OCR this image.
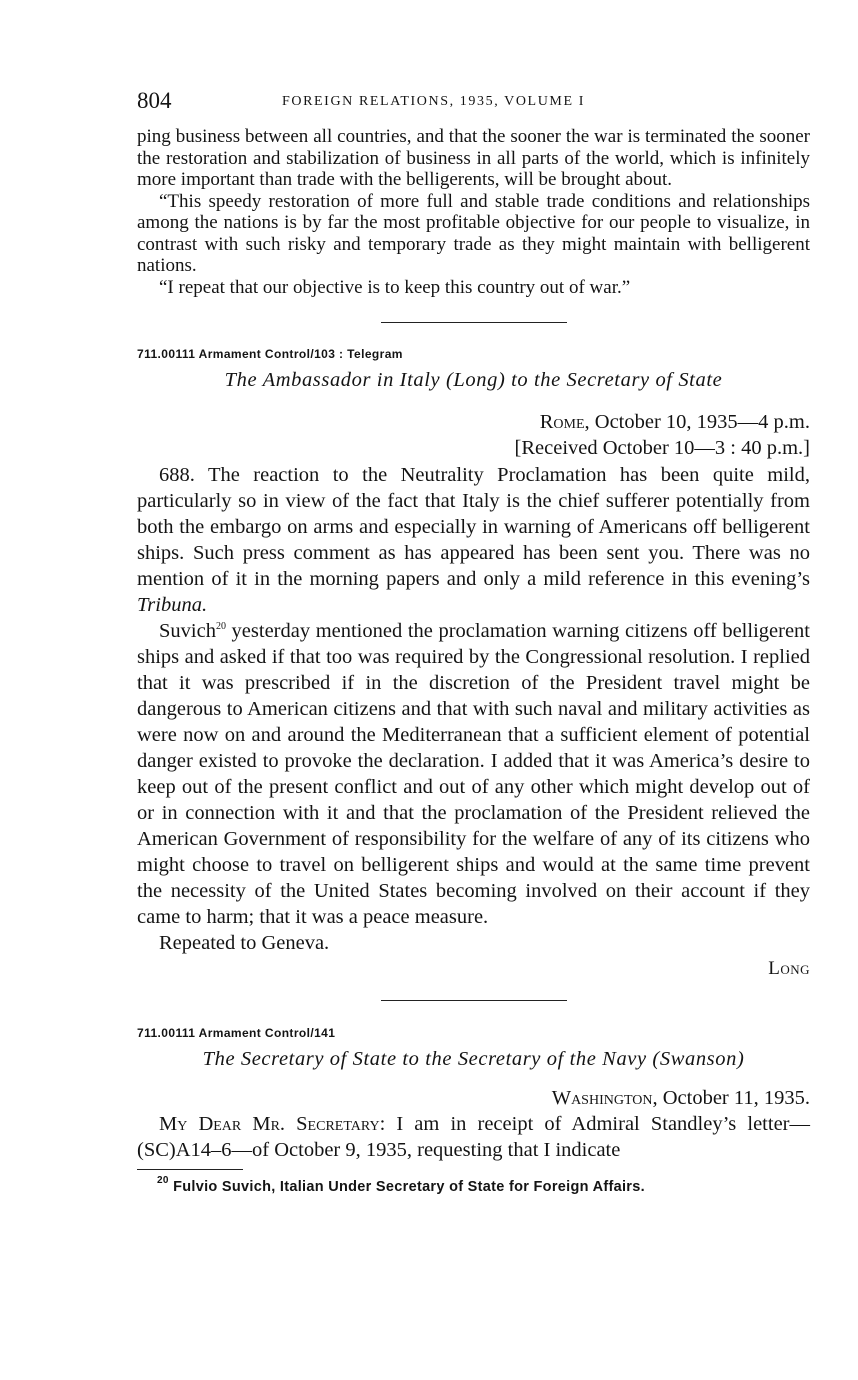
804	FOREIGN RELATIONS, 1935, VOLUME I

ping business between all countries, and that the sooner the war is terminated the sooner the restoration and stabilization of business in all parts of the world, which is infinitely more important than trade with the belligerents, will be brought about.

“This speedy restoration of more full and stable trade conditions and relationships among the nations is by far the most profitable objective for our people to visualize, in contrast with such risky and temporary trade as they might maintain with belligerent nations.

“I repeat that our objective is to keep this country out of war.”

711.00111 Armament Control/103 : Telegram
The Ambassador in Italy (Long) to the Secretary of State
Rome, October 10, 1935—4 p.m.
[Received October 10—3 : 40 p.m.]

688. The reaction to the Neutrality Proclamation has been quite mild, particularly so in view of the fact that Italy is the chief sufferer potentially from both the embargo on arms and especially in warning of Americans off belligerent ships. Such press comment as has appeared has been sent you. There was no mention of it in the morning papers and only a mild reference in this evening’s Tribuna.

Suvich$^{20}$ yesterday mentioned the proclamation warning citizens off belligerent ships and asked if that too was required by the Congressional resolution. I replied that it was prescribed if in the discretion of the President travel might be dangerous to American citizens and that with such naval and military activities as were now on and around the Mediterranean that a sufficient element of potential danger existed to provoke the declaration. I added that it was America’s desire to keep out of the present conflict and out of any other which might develop out of or in connection with it and that the proclamation of the President relieved the American Government of responsibility for the welfare of any of its citizens who might choose to travel on belligerent ships and would at the same time prevent the necessity of the United States becoming involved on their account if they came to harm; that it was a peace measure.

Repeated to Geneva.

Long
711.00111 Armament Control/141
The Secretary of State to the Secretary of the Navy (Swanson)
Washington, October 11, 1935.

My Dear Mr. Secretary: I am in receipt of Admiral Standley’s letter—(SC)A14–6—of October 9, 1935, requesting that I indicate

$^{20}$ Fulvio Suvich, Italian Under Secretary of State for Foreign Affairs.
